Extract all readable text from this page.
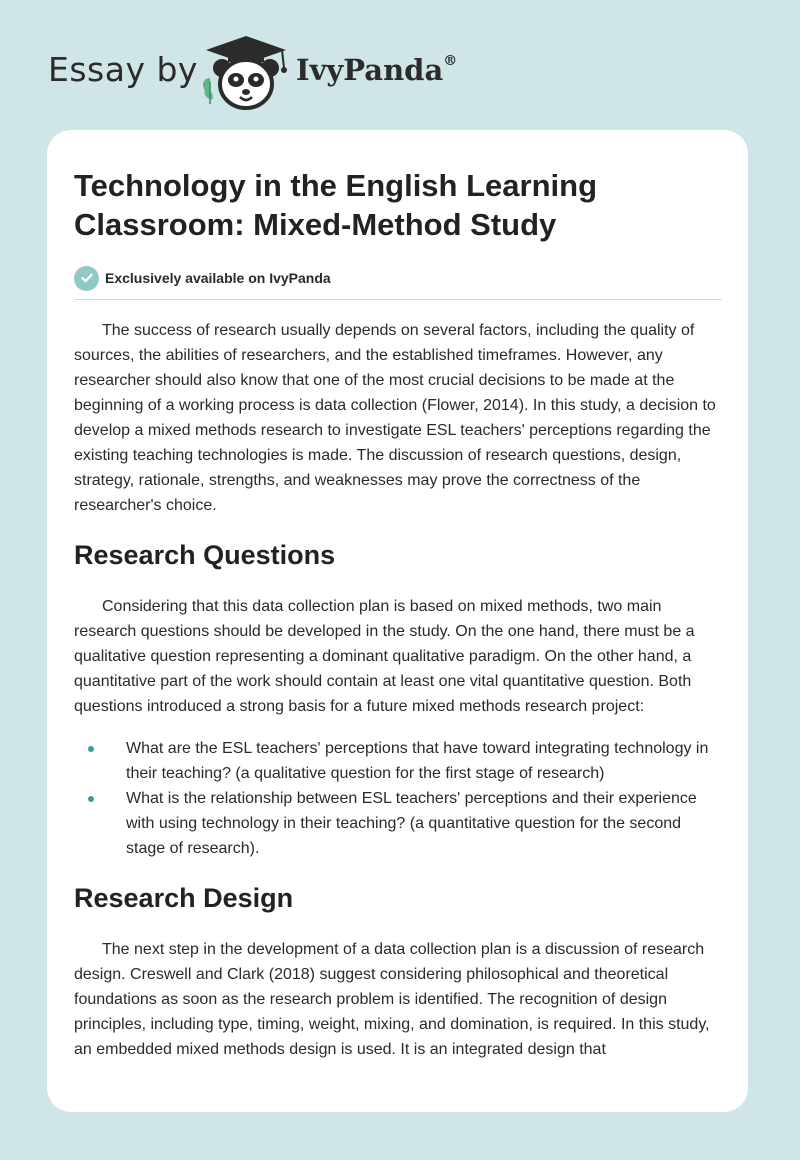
Essay by	IvyPanda®
Technology in the English Learning Classroom: Mixed-Method Study
Exclusively available on IvyPanda

The success of research usually depends on several factors, including the quality of sources, the abilities of researchers, and the established timeframes. However, any researcher should also know that one of the most crucial decisions to be made at the beginning of a working process is data collection (Flower, 2014). In this study, a decision to develop a mixed methods research to investigate ESL teachers' perceptions regarding the existing teaching technologies is made. The discussion of research questions, design, strategy, rationale, strengths, and weaknesses may prove the correctness of the researcher's choice.

Research Questions

Considering that this data collection plan is based on mixed methods, two main research questions should be developed in the study. On the one hand, there must be a qualitative question representing a dominant qualitative paradigm. On the other hand, a quantitative part of the work should contain at least one vital quantitative question. Both questions introduced a strong basis for a future mixed methods research project:

What are the ESL teachers' perceptions that have toward integrating technology in their teaching? (a qualitative question for the first stage of research)
What is the relationship between ESL teachers' perceptions and their experience with using technology in their teaching? (a quantitative question for the second stage of research).
Research Design

The next step in the development of a data collection plan is a discussion of research design. Creswell and Clark (2018) suggest considering philosophical and theoretical foundations as soon as the research problem is identified. The recognition of design principles, including type, timing, weight, mixing, and domination, is required. In this study, an embedded mixed methods design is used. It is an integrated design that
